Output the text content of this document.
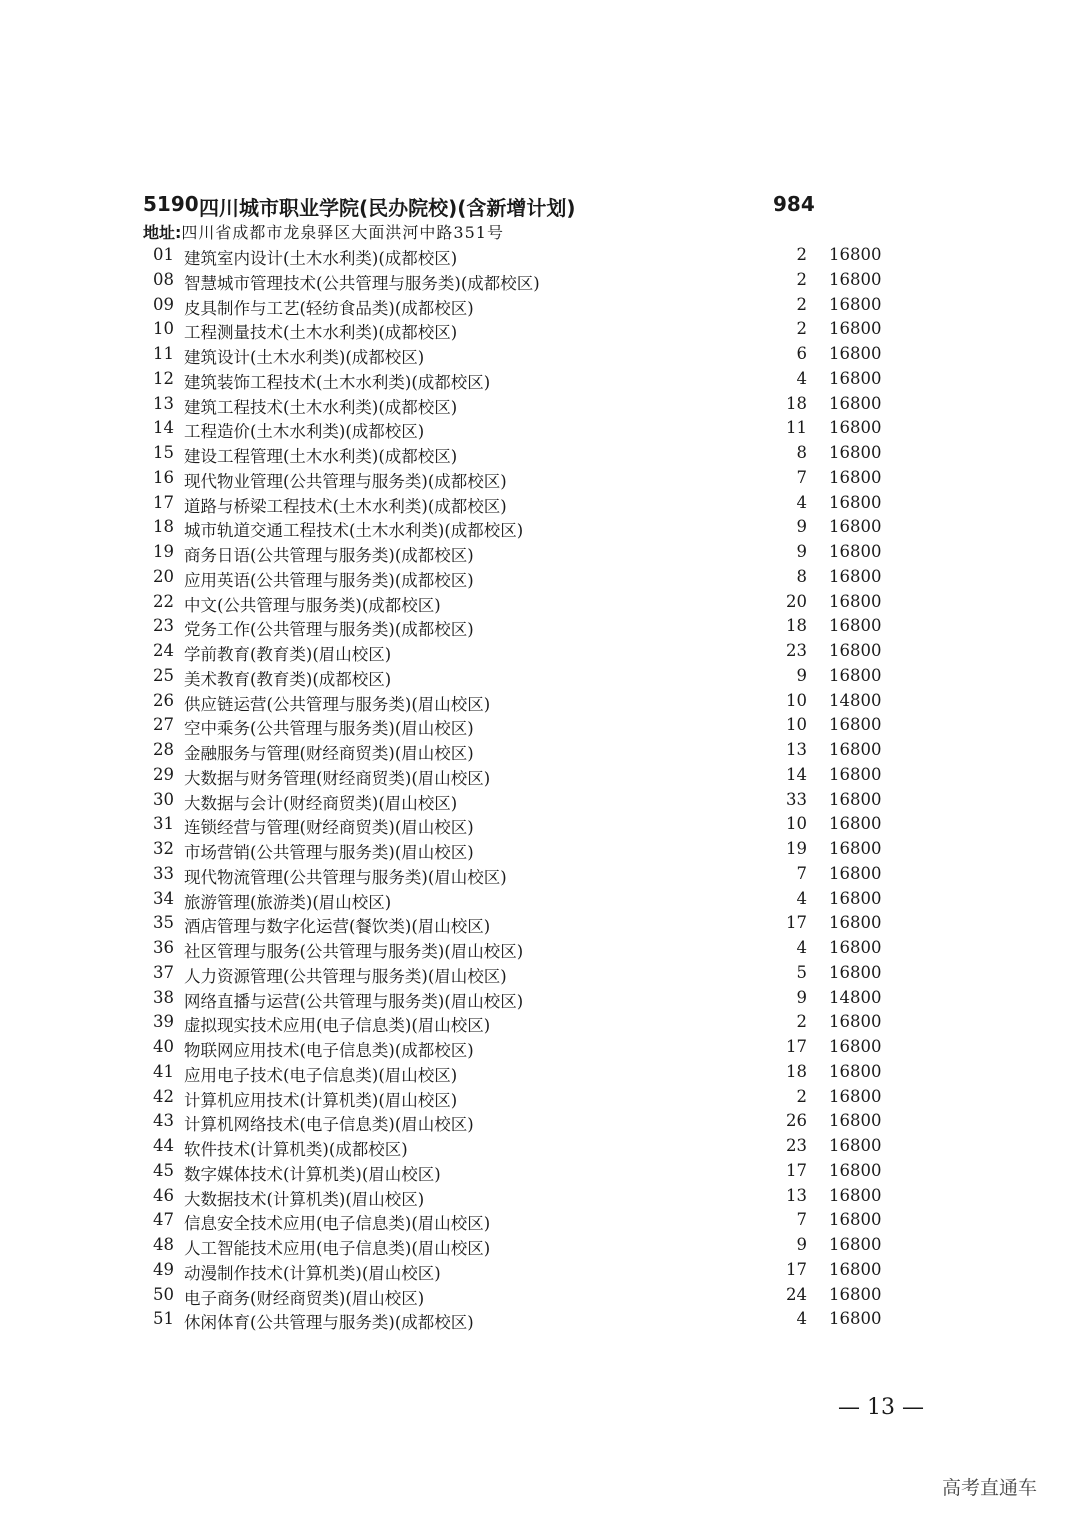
5190 四川城市职业学院(民办院校)(含新增计划)	984
地址:四川省成都市龙泉驿区大面洪河中路351号
01 建筑室内设计(土木水利类)(成都校区)	2 16800
08 智慧城市管理技术(公共管理与服务类)(成都校区)	2 16800
09 皮具制作与工艺(轻纺食品类)(成都校区)	2 16800
10 工程测量技术(土木水利类)(成都校区)	2 16800
11 建筑设计(土木水利类)(成都校区)	6 16800
12 建筑装饰工程技术(土木水利类)(成都校区)	4 16800
13 建筑工程技术(土木水利类)(成都校区)	18 16800
14 工程造价(土木水利类)(成都校区)	11 16800
15 建设工程管理(土木水利类)(成都校区)	8 16800
16 现代物业管理(公共管理与服务类)(成都校区)	7 16800
17 道路与桥梁工程技术(土木水利类)(成都校区)	4 16800
18 城市轨道交通工程技术(土木水利类)(成都校区)	9 16800
19 商务日语(公共管理与服务类)(成都校区)	9 16800
20 应用英语(公共管理与服务类)(成都校区)	8 16800
22 中文(公共管理与服务类)(成都校区)	20 16800
23 党务工作(公共管理与服务类)(成都校区)	18 16800
24 学前教育(教育类)(眉山校区)	23 16800
25 美术教育(教育类)(成都校区)	9 16800
26 供应链运营(公共管理与服务类)(眉山校区)	10 14800
27 空中乘务(公共管理与服务类)(眉山校区)	10 16800
28 金融服务与管理(财经商贸类)(眉山校区)	13 16800
29 大数据与财务管理(财经商贸类)(眉山校区)	14 16800
30 大数据与会计(财经商贸类)(眉山校区)	33 16800
31 连锁经营与管理(财经商贸类)(眉山校区)	10 16800
32 市场营销(公共管理与服务类)(眉山校区)	19 16800
33 现代物流管理(公共管理与服务类)(眉山校区)	7 16800
34 旅游管理(旅游类)(眉山校区)	4 16800
35 酒店管理与数字化运营(餐饮类)(眉山校区)	17 16800
36 社区管理与服务(公共管理与服务类)(眉山校区)	4 16800
37 人力资源管理(公共管理与服务类)(眉山校区)	5 16800
38 网络直播与运营(公共管理与服务类)(眉山校区)	9 14800
39 虚拟现实技术应用(电子信息类)(眉山校区)	2 16800
40 物联网应用技术(电子信息类)(成都校区)	17 16800
41 应用电子技术(电子信息类)(眉山校区)	18 16800
42 计算机应用技术(计算机类)(眉山校区)	2 16800
43 计算机网络技术(电子信息类)(眉山校区)	26 16800
44 软件技术(计算机类)(成都校区)	23 16800
45 数字媒体技术(计算机类)(眉山校区)	17 16800
46 大数据技术(计算机类)(眉山校区)	13 16800
47 信息安全技术应用(电子信息类)(眉山校区)	7 16800
48 人工智能技术应用(电子信息类)(眉山校区)	9 16800
49 动漫制作技术(计算机类)(眉山校区)	17 16800
50 电子商务(财经商贸类)(眉山校区)	24 16800
51 休闲体育(公共管理与服务类)(成都校区)	4 16800
— 13 —
高考直通车
